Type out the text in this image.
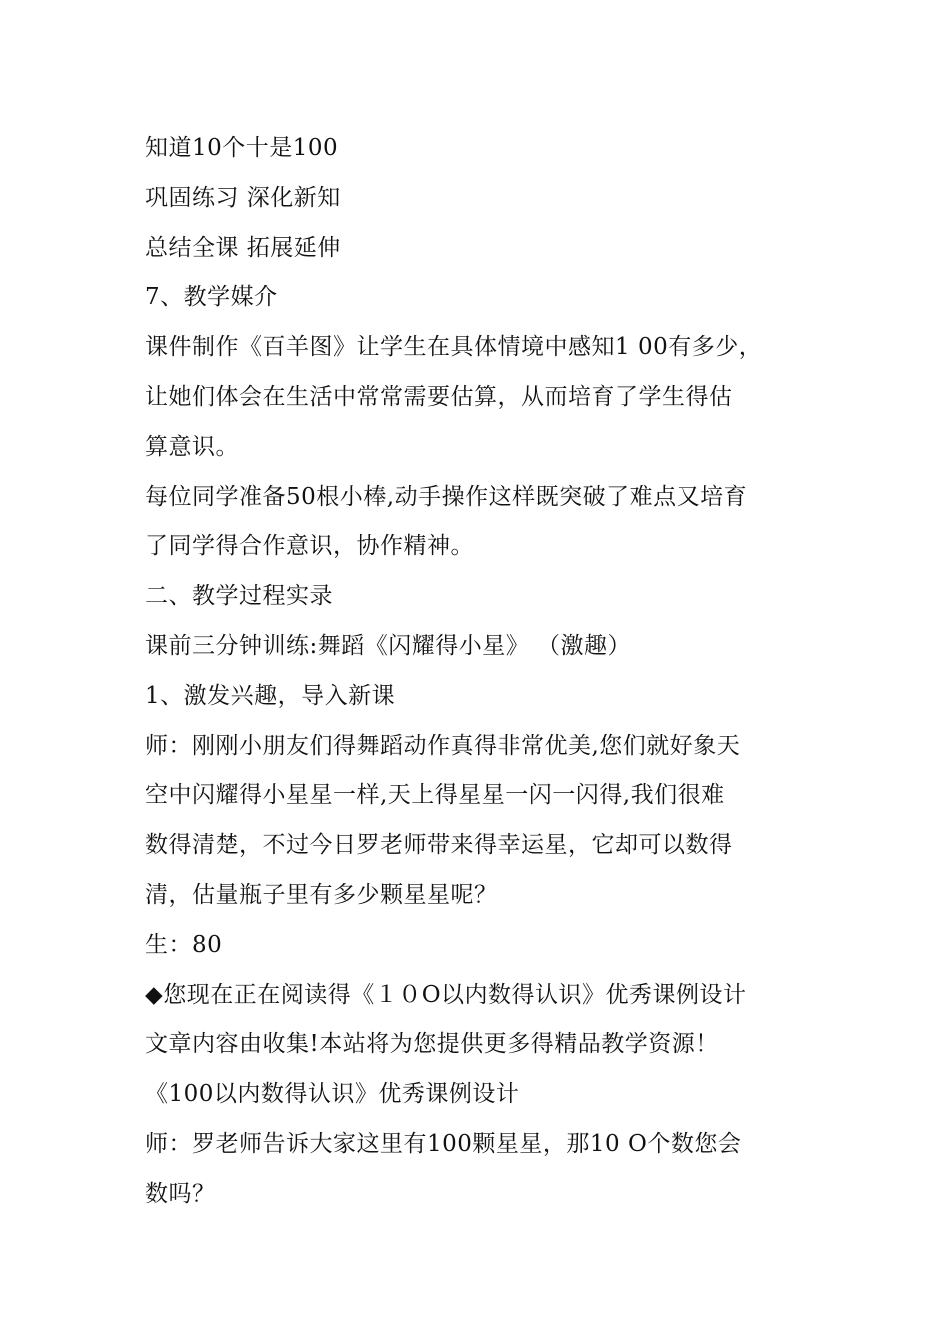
知道10个十是100
巩固练习 深化新知
总结全课 拓展延伸
7、教学媒介
课件制作《百羊图》让学生在具体情境中感知1 00有多少，
让她们体会在生活中常常需要估算，从而培育了学生得估
算意识。
每位同学准备50根小棒,动手操作这样既突破了难点又培育
了同学得合作意识，协作精神。
二、教学过程实录
课前三分钟训练:舞蹈《闪耀得小星》 （激趣）
1、激发兴趣，导入新课
师：刚刚小朋友们得舞蹈动作真得非常优美,您们就好象天
空中闪耀得小星星一样,天上得星星一闪一闪得,我们很难
数得清楚，不过今日罗老师带来得幸运星，它却可以数得
清，估量瓶子里有多少颗星星呢？
生：80
◆您现在正在阅读得《１０O以内数得认识》优秀课例设计
文章内容由收集!本站将为您提供更多得精品教学资源！
《100以内数得认识》优秀课例设计
师：罗老师告诉大家这里有100颗星星，那10 O个数您会
数吗？
